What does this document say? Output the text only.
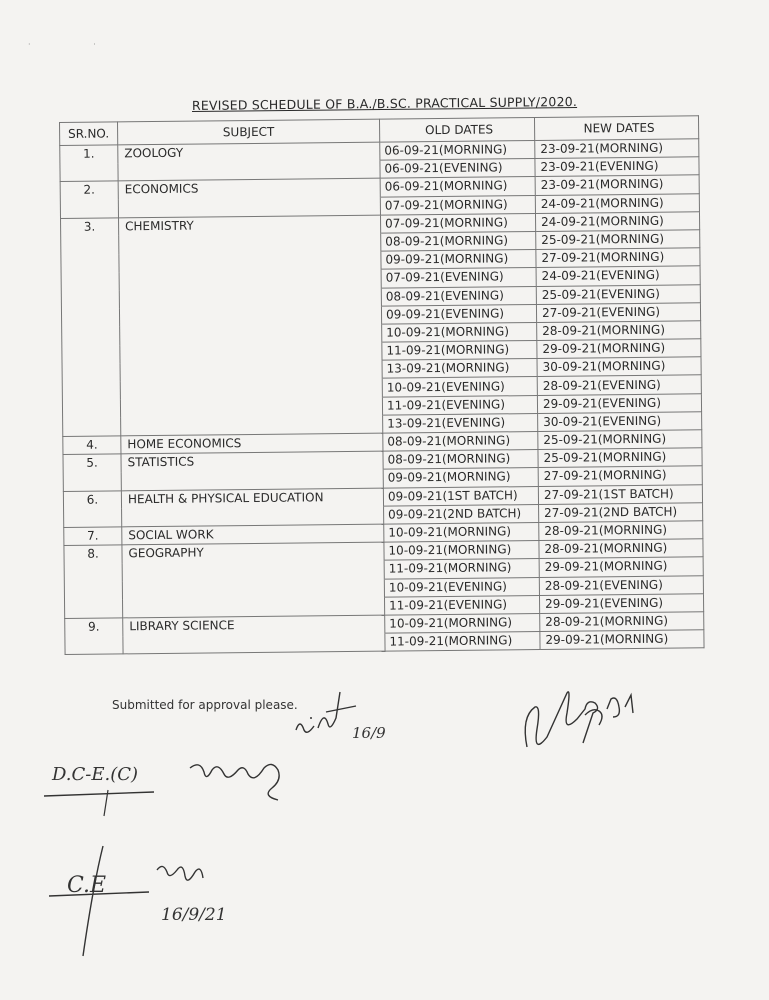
· ·
REVISED SCHEDULE OF B.A./B.SC. PRACTICAL SUPPLY/2020.
SR.NO.	SUBJECT	OLD DATES	NEW DATES
1.	ZOOLOGY	06-09-21(MORNING)	23-09-21(MORNING)
		06-09-21(EVENING)	23-09-21(EVENING)
2.	ECONOMICS	06-09-21(MORNING)	23-09-21(MORNING)
		07-09-21(MORNING)	24-09-21(MORNING)
3.	CHEMISTRY	07-09-21(MORNING)	24-09-21(MORNING)
		08-09-21(MORNING)	25-09-21(MORNING)
		09-09-21(MORNING)	27-09-21(MORNING)
		07-09-21(EVENING)	24-09-21(EVENING)
		08-09-21(EVENING)	25-09-21(EVENING)
		09-09-21(EVENING)	27-09-21(EVENING)
		10-09-21(MORNING)	28-09-21(MORNING)
		11-09-21(MORNING)	29-09-21(MORNING)
		13-09-21(MORNING)	30-09-21(MORNING)
		10-09-21(EVENING)	28-09-21(EVENING)
		11-09-21(EVENING)	29-09-21(EVENING)
		13-09-21(EVENING)	30-09-21(EVENING)
4.	HOME ECONOMICS	08-09-21(MORNING)	25-09-21(MORNING)
5.	STATISTICS	08-09-21(MORNING)	25-09-21(MORNING)
		09-09-21(MORNING)	27-09-21(MORNING)
6.	HEALTH & PHYSICAL EDUCATION	09-09-21(1ST BATCH)	27-09-21(1ST BATCH)
		09-09-21(2ND BATCH)	27-09-21(2ND BATCH)
7.	SOCIAL WORK	10-09-21(MORNING)	28-09-21(MORNING)
8.	GEOGRAPHY	10-09-21(MORNING)	28-09-21(MORNING)
		11-09-21(MORNING)	29-09-21(MORNING)
		10-09-21(EVENING)	28-09-21(EVENING)
		11-09-21(EVENING)	29-09-21(EVENING)
9.	LIBRARY SCIENCE	10-09-21(MORNING)	28-09-21(MORNING)
		11-09-21(MORNING)	29-09-21(MORNING)
Submitted for approval please.
16/9
D.C-E.(C)
C.E
16/9/21
